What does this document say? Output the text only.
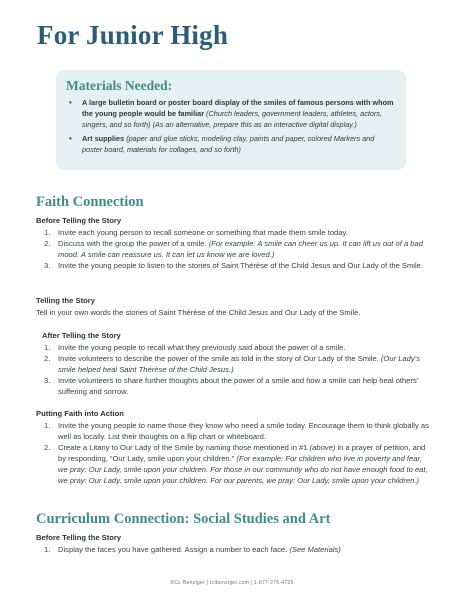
For Junior High
Materials Needed:
• A large bulletin board or poster board display of the smiles of famous persons with whom the young people would be familiar (Church leaders, government leaders, athletes, actors, singers, and so forth) (As an alternative, prepare this as an interactive digital display.)
• Art supplies (paper and glue sticks, modeling clay, paints and paper, colored Markers and poster board, materials for collages, and so forth)
Faith Connection
Before Telling the Story
1. Invite each young person to recall someone or something that made them smile today.
2. Discuss with the group the power of a smile. (For example: A smile can cheer us up. It can lift us out of a bad mood. A smile can reassure us. It can let us know we are loved.)
3. Invite the young people to listen to the stories of Saint Thérèse of the Child Jesus and Our Lady of the Smile.
Telling the Story
Tell in your own words the stories of Saint Thérèse of the Child Jesus and Our Lady of the Smile.
After Telling the Story
1. Invite the young people to recall what they previously said about the power of a smile.
2. Invite volunteers to describe the power of the smile as told in the story of Our Lady of the Smile. (Our Lady’s smile helped heal Saint Thérèse of the Child Jesus.)
3. Invite volunteers to share further thoughts about the power of a smile and how a smile can help heal others’ suffering and sorrow.
Putting Faith into Action
1. Invite the young people to name those they know who need a smile today. Encourage them to think globally as well as locally. List their thoughts on a flip chart or whiteboard.
2. Create a Litany to Our Lady of the Smile by naming those mentioned in #1 (above) in a prayer of petition, and by responding, “Our Lady, smile upon your children.” (For example: For children who live in poverty and fear, we pray: Our Lady, smile upon your children. For those in our community who do not have enough food to eat, we pray: Our Lady, smile upon your children. For our parents, we pray: Our Lady, smile upon your children.)
Curriculum Connection: Social Studies and Art
Before Telling the Story
1. Display the faces you have gathered. Assign a number to each face. (See Materials)
RCL Benziger | rclbenziger.com | 1-877-275-4725
